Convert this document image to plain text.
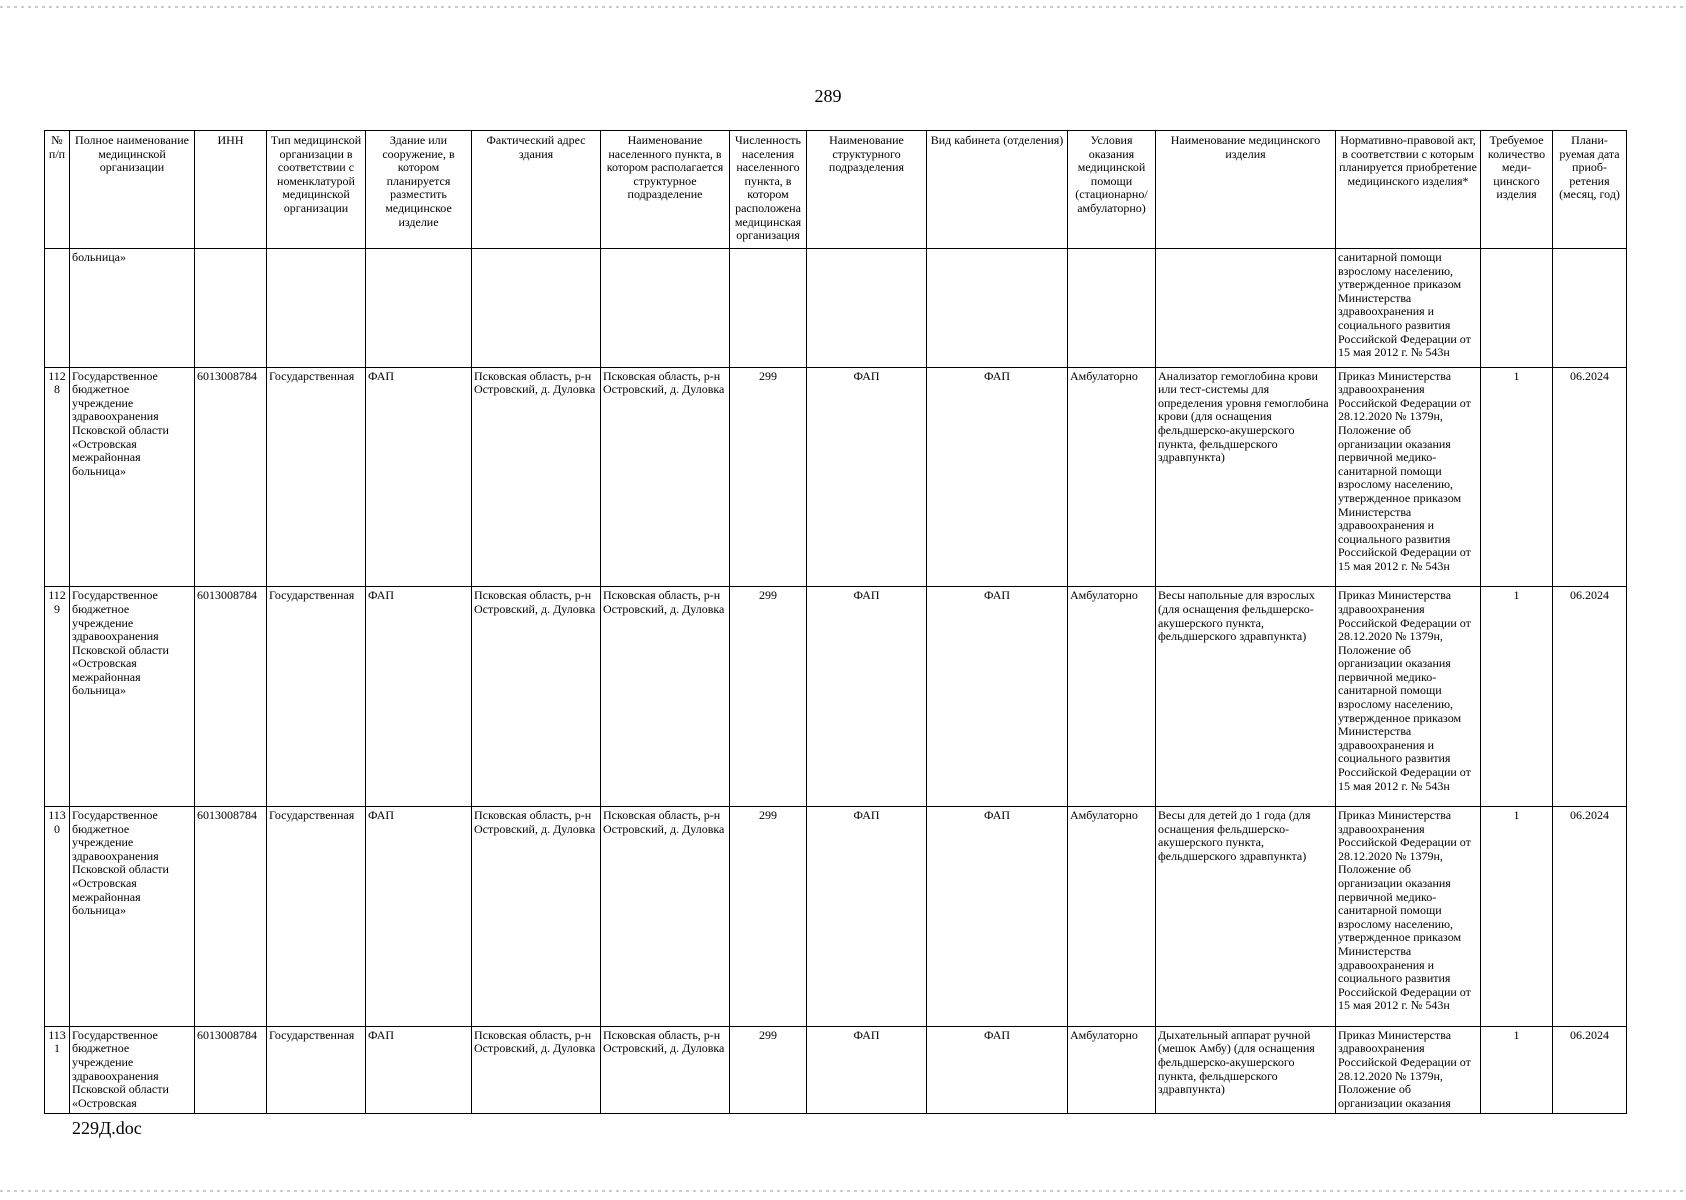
289
№ п/п	Полное наименование медицинской организации	ИНН	Тип медицинской организации в соответствии с номенклатурой медицинской организации	Здание или сооружение, в котором планируется разместить медицинское изделие	Фактический адрес здания	Наименование населенного пункта, в котором располагается структурное подразделение	Численность населения населенного пункта, в котором расположена медицинская организация	Наименование структурного подразделения	Вид кабинета (отделения)	Условия оказания медицинской помощи (стационарно/ амбулаторно)	Наименование медицинского изделия	Нормативно-правовой акт, в соответствии с которым планируется приобретение медицинского изделия*	Требуемое количество меди-цинского изделия	Плани-руемая дата приоб-ретения (месяц, год)
	больница»											санитарной помощи взрослому населению, утвержденное приказом Министерства здравоохранения и социального развития Российской Федерации от 15 мая 2012 г. № 543н		
1128	Государственное бюджетное учреждение здравоохранения Псковской области «Островская межрайонная больница»	6013008784	Государственная	ФАП	Псковская область, р-н Островский, д. Дуловка	Псковская область, р-н Островский, д. Дуловка	299	ФАП	ФАП	Амбулаторно	Анализатор гемоглобина крови или тест-системы для определения уровня гемоглобина крови (для оснащения фельдшерско-акушерского пункта, фельдшерского здравпункта)	Приказ Министерства здравоохранения Российской Федерации от 28.12.2020 № 1379н, Положение об организации оказания первичной медико-санитарной помощи взрослому населению, утвержденное приказом Министерства здравоохранения и социального развития Российской Федерации от 15 мая 2012 г. № 543н	1	06.2024
1129	Государственное бюджетное учреждение здравоохранения Псковской области «Островская межрайонная больница»	6013008784	Государственная	ФАП	Псковская область, р-н Островский, д. Дуловка	Псковская область, р-н Островский, д. Дуловка	299	ФАП	ФАП	Амбулаторно	Весы напольные для взрослых (для оснащения фельдшерско-акушерского пункта, фельдшерского здравпункта)	Приказ Министерства здравоохранения Российской Федерации от 28.12.2020 № 1379н, Положение об организации оказания первичной медико-санитарной помощи взрослому населению, утвержденное приказом Министерства здравоохранения и социального развития Российской Федерации от 15 мая 2012 г. № 543н	1	06.2024
1130	Государственное бюджетное учреждение здравоохранения Псковской области «Островская межрайонная больница»	6013008784	Государственная	ФАП	Псковская область, р-н Островский, д. Дуловка	Псковская область, р-н Островский, д. Дуловка	299	ФАП	ФАП	Амбулаторно	Весы для детей до 1 года (для оснащения фельдшерско-акушерского пункта, фельдшерского здравпункта)	Приказ Министерства здравоохранения Российской Федерации от 28.12.2020 № 1379н, Положение об организации оказания первичной медико-санитарной помощи взрослому населению, утвержденное приказом Министерства здравоохранения и социального развития Российской Федерации от 15 мая 2012 г. № 543н	1	06.2024
1131	Государственное бюджетное учреждение здравоохранения Псковской области «Островская	6013008784	Государственная	ФАП	Псковская область, р-н Островский, д. Дуловка	Псковская область, р-н Островский, д. Дуловка	299	ФАП	ФАП	Амбулаторно	Дыхательный аппарат ручной (мешок Амбу) (для оснащения фельдшерско-акушерского пункта, фельдшерского здравпункта)	Приказ Министерства здравоохранения Российской Федерации от 28.12.2020 № 1379н, Положение об организации оказания	1	06.2024
229Д.doc
